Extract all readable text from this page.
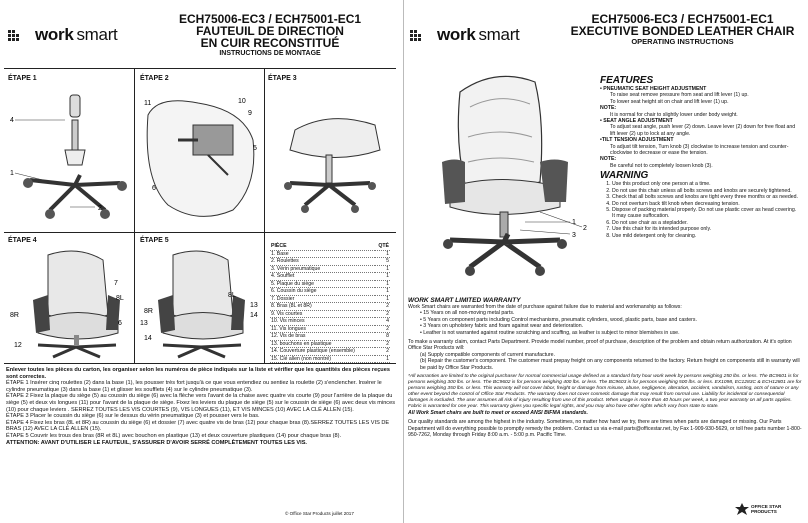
work smart
ECH75006-EC3 / ECH75001-EC1
FAUTEUIL DE DIRECTION
EN CUIR RECONSTITUÉ
INSTRUCTIONS DE MONTAGE
ÉTAPE 1	ÉTAPE 2	ÉTAPE 3
ÉTAPE 4	ÉTAPE 5
4
1
2
11	10
9
5
6
7
8L
8R
6
12
8L
13
14
8R
13
14
PIÈCE	QTÉ
1. Base	1
2. Roulettes	5
3. Vérin pneumatique	1
4. Soufflet	1
5. Plaque du siège	1
6. Coussin du siège	1
7. Dossier	1
8. Bras (8L et 8R)	2
9. Vis courtes	2
10. Vis minces	4
11. Vis longues	2
12. Vis de bras	8
13. bouchons en plastique	2
14. Couverture plastique (ensemble)	2
15. Clé allen (non montré)	1
Enlever toutes les pièces du carton, les organiser selon les numéros de pièce indiqués sur la liste et vérifier que les quantités des pièces reçues sont correctes.
ÉTAPE 1 Insérer cinq roulettes (2) dans la base (1), les pousser très fort jusqu'à ce que vous entendiez ou sentiez la roulette (2) s'enclencher. Insérer le cylindre pneumatique (3) dans la base (1) et glisser les soufflets (4) sur le cylindre pneumatique (3).
ÉTAPE 2 Fixez la plaque du siège (5) au coussin du siège (6) avec la flèche vers l'avant de la chaise avec quatre vis courte (9) pour l'arrière de la plaque du siège (5) et deux vis longues (11) pour l'avant de la plaque de siège. Fixez les leviers du plaque de siège (5) sur le coussin de siège (6) avec deux vis minces (10) pour chaque leviers . SERREZ TOUTES LES VIS COURTES (9), VIS LONGUES (11), ET VIS MINCES (10) AVEC LA CLÉ ALLEN (15).
ÉTAPE 3 Placer le coussin du siège (6) sur le dessus du vérin pneumatique (3) et pousser vers le bas.
ÉTAPE 4 Fixez les bras (8L et 8R) au coussin du siège (6) et dossier (7) avec quatre vis de bras (12) pour chaque bras (8).SERREZ TOUTES LES VIS DE BRAS (12) AVEC LA CLÉ ALLEN (15).
ÉTAPE 5 Couvrir les trous des bras (8R et 8L) avec bouchon en plastique (13) et deux couverture plastiques (14) pour chaque bras (8).
ATTENTION: AVANT D'UTILISER LE FAUTEUIL, S'ASSURER D'AVOIR SERRÉ COMPLÈTEMENT TOUTES LES VIS.
© Office Star Products juillet 2017
work smart
ECH75006-EC3 / ECH75001-EC1
EXECUTIVE BONDED LEATHER CHAIR
OPERATING INSTRUCTIONS
1
3
2
FEATURES
• PNEUMATIC SEAT HEIGHT ADJUSTMENT
To raise seat remove pressure from seat and lift lever (1) up.
To lower seat height sit on chair and lift lever (1) up.
NOTE:
It is normal for chair to slightly lower under body weight.
• SEAT ANGLE ADJUSTMENT
To adjust seat angle, push lever (2) down. Leave lever (2) down for free float and lift lever (2) up to lock at any angle.
•TILT TENSION ADJUSTMENT
To adjust tilt tension, Turn knob (3) clockwise to increase tension and counter-clockwise to decrease or ease the tension.
NOTE:
Be careful not to completely loosen knob (3).
WARNING
1. Use this product only one person at a time.
2. Do not use this chair unless all bolts screws and knobs are securely tightened.
3. Check that all bolts screws and knobs are tight every three months or as needed.
4. Do not overturn back tilt knob when decreasing tension.
5. Dispose of packing material properly. Do not use plastic cover as head covering. It may cause suffocation.
6. Do not use chair as a stepladder.
7. Use this chair for its intended purpose only.
8. Use mild detergent only for cleaning.
WORK SMART LIMITED WARRANTY
Work Smart chairs are warranted from the date of purchase against failure due to material and workmanship as follows:
• 15 Years on all non-moving metal parts.
• 5 Years on component parts including Control mechanisms, pneumatic cylinders, wood, plastic parts, base and casters.
• 3 Years on upholstery fabric and foam against wear and deterioration.
• Leather is not warranted against routine scratching and scuffing, as leather is subject to minor blemishes in use.
To make a warranty claim, contact Parts Department. Provide model number, proof of purchase, description of the problem and obtain return authorization. At it's option Office Star Products will:
(a) Supply compatible components of current manufacture.
(b) Repair the customer's component. The customer must prepay freight on any components returned to the factory. Return freight on components still in warranty will be paid by Office Star Products.
*All warranties are limited to the original purchaser for normal commercial usage defined as a standard forty hour work week by persons weighing 250 lbs. or less. The BC9601 is for persons weighing 300 lbs. or less. The BC9602 is for persons weighing 400 lbs. or less. The BC9603 is for persons weighing 500 lbs. or less. EX1098, EC1283C & ECH12801 are for persons weighing 350 lbs. or less. This warranty will not cover labor, freight or damage from misuse, abuse, negligence, alteration, accident, vandalism, rusting, acts of nature or any other event beyond the control of Office Star Products. The warranty does not cover cosmetic damage that may result from normal use. Liability for incidental or consequential damages is excluded. The user assumes all risk of injury resulting from use of this product. When usage is more than 40 hours per week, a two year warranty on all parts applies. Fabric is warranted for one year. This warranty gives you specific legal rights, and you may also have other rights which vary from state to state.
All Work Smart chairs are built to meet or exceed ANSI BIFMA standards.
Our quality standards are among the highest in the industry. Sometimes, no matter how hard we try, there are times when parts are damaged or missing. Our Parts Department will do everything possible to promptly remedy the problem. Contact us via e-mail parts@officestar.net, by Fax 1-909-930-5629, or toll free parts number 1-800-950-7262, Monday through Friday 8:00 a.m. - 5:00 p.m. Pacific Time.
OFFICE STAR
PRODUCTS
